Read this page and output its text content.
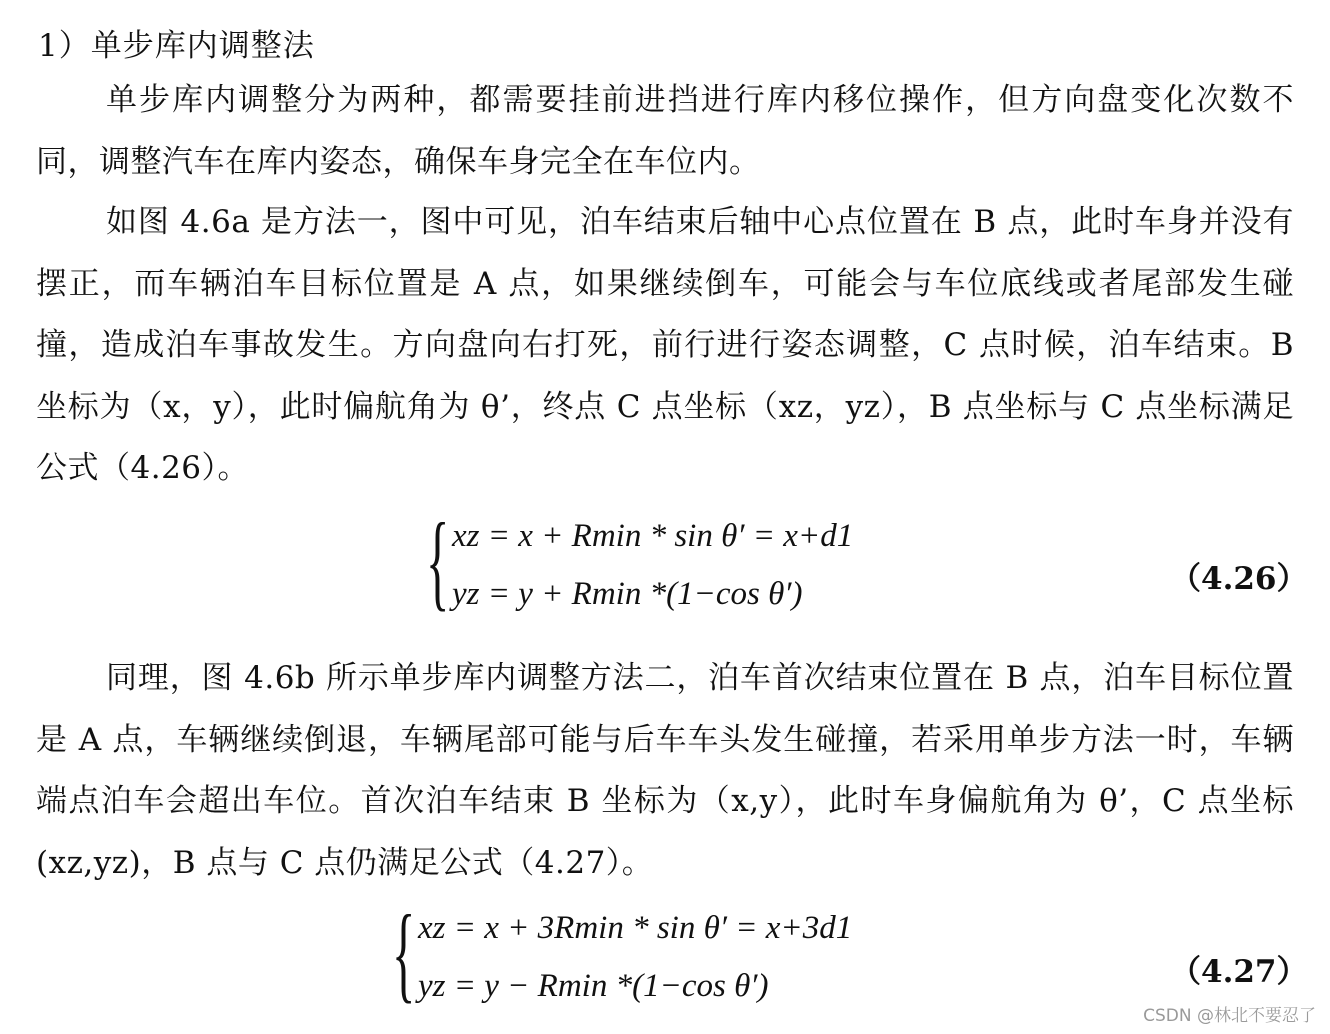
1）单步库内调整法
单步库内调整分为两种，都需要挂前进挡进行库内移位操作，但方向盘变化次数不同，调整汽车在库内姿态，确保车身完全在车位内。
如图 4.6a 是方法一，图中可见，泊车结束后轴中心点位置在 B 点，此时车身并没有摆正，而车辆泊车目标位置是 A 点，如果继续倒车，可能会与车位底线或者尾部发生碰撞，造成泊车事故发生。方向盘向右打死，前行进行姿态调整，C 点时候，泊车结束。B 坐标为（x，y），此时偏航角为 θ’，终点 C 点坐标（xz，yz），B 点坐标与 C 点坐标满足公式（4.26）。
{ xz = x + Rmin * sin θ′ = x+d1
yz = y + Rmin *(1−cos θ′)	（4.26）
同理，图 4.6b 所示单步库内调整方法二，泊车首次结束位置在 B 点，泊车目标位置是 A 点，车辆继续倒退，车辆尾部可能与后车车头发生碰撞，若采用单步方法一时，车辆端点泊车会超出车位。首次泊车结束 B 坐标为（x,y），此时车身偏航角为 θ’，C 点坐标(xz,yz)，B 点与 C 点仍满足公式（4.27）。
{ xz = x + 3Rmin * sin θ′ = x+3d1
yz = y − Rmin *(1−cos θ′)	（4.27）
CSDN @林北不要忍了
